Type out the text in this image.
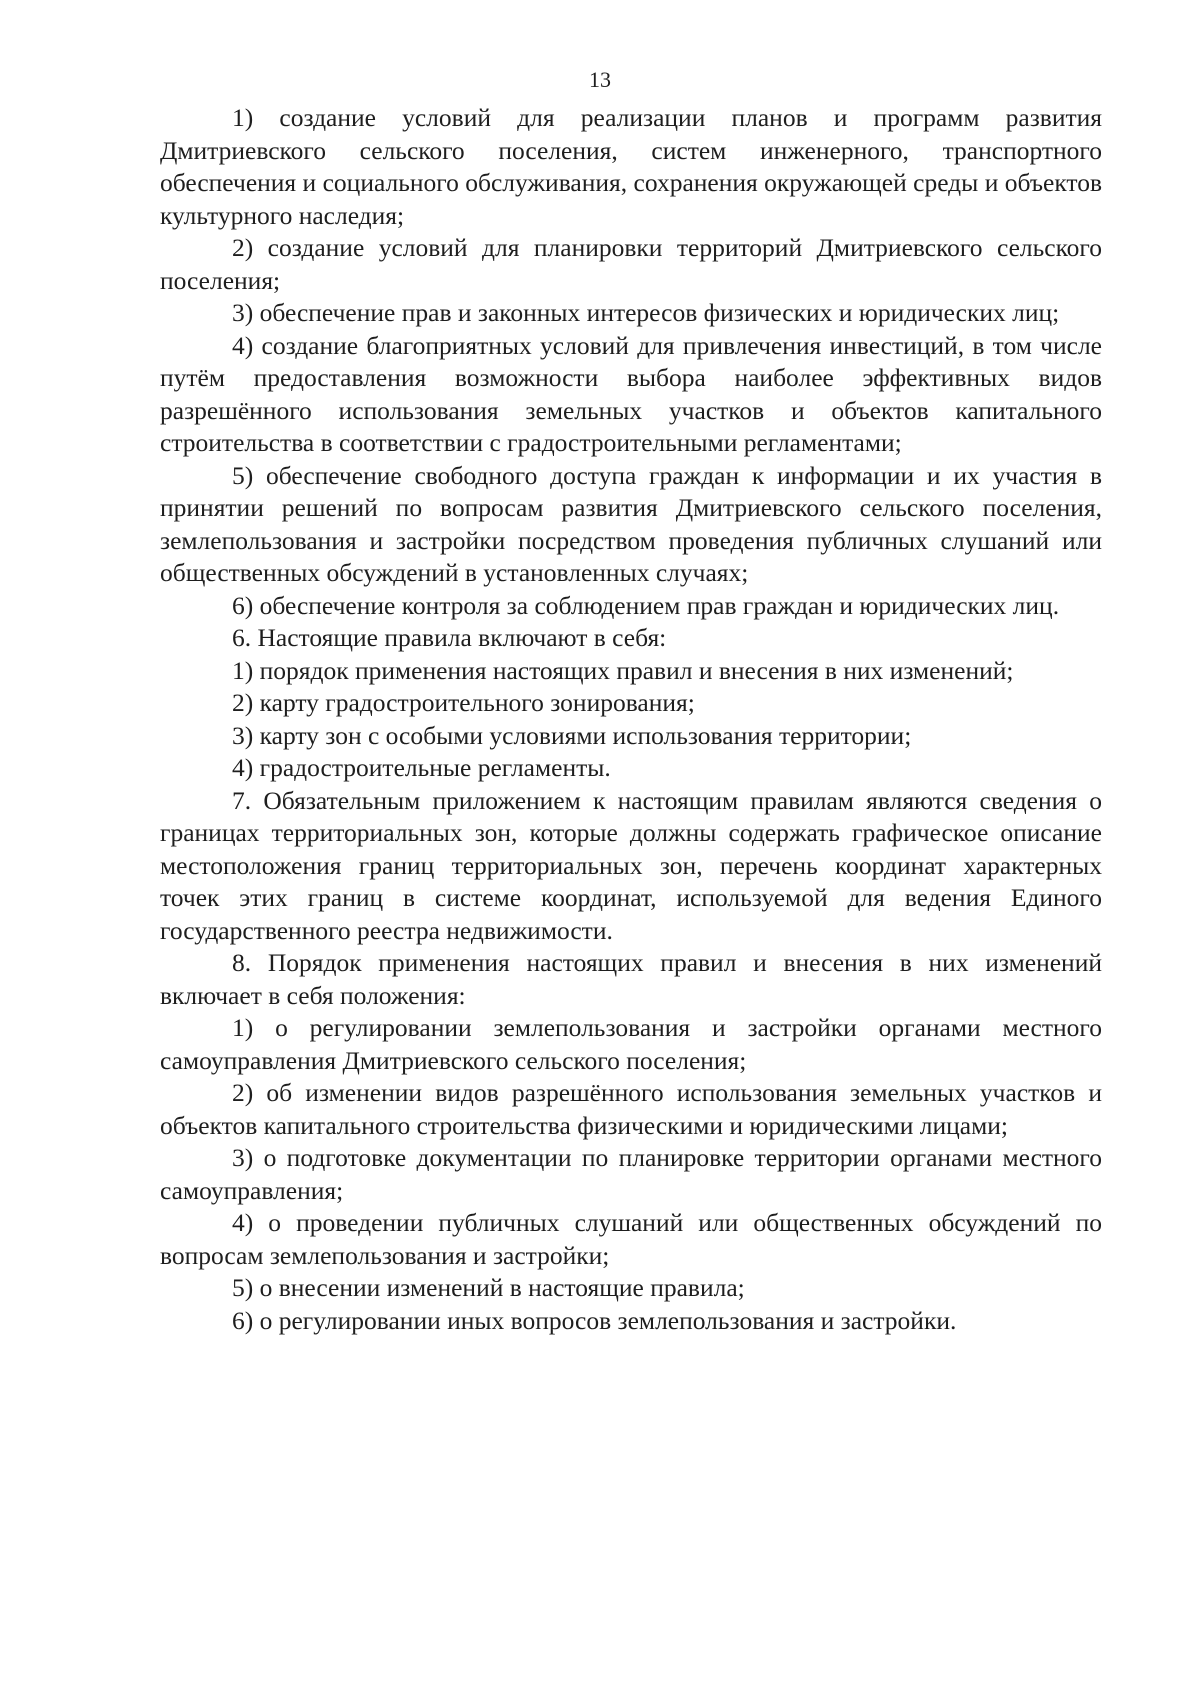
13

1) создание условий для реализации планов и программ развития Дмитриевского сельского поселения, систем инженерного, транспортного обеспечения и социального обслуживания, сохранения окружающей среды и объектов культурного наследия;

2) создание условий для планировки территорий Дмитриевского сельского поселения;

3) обеспечение прав и законных интересов физических и юридических лиц;

4) создание благоприятных условий для привлечения инвестиций, в том числе путём предоставления возможности выбора наиболее эффективных видов разрешённого использования земельных участков и объектов капитального строительства в соответствии с градостроительными регламентами;

5) обеспечение свободного доступа граждан к информации и их участия в принятии решений по вопросам развития Дмитриевского сельского поселения, землепользования и застройки посредством проведения публичных слушаний или общественных обсуждений в установленных случаях;

6) обеспечение контроля за соблюдением прав граждан и юридических лиц.

6. Настоящие правила включают в себя:

1) порядок применения настоящих правил и внесения в них изменений;

2) карту градостроительного зонирования;

3) карту зон с особыми условиями использования территории;

4) градостроительные регламенты.

7. Обязательным приложением к настоящим правилам являются сведения о границах территориальных зон, которые должны содержать графическое описание местоположения границ территориальных зон, перечень координат характерных точек этих границ в системе координат, используемой для ведения Единого государственного реестра недвижимости.

8. Порядок применения настоящих правил и внесения в них изменений включает в себя положения:

1) о регулировании землепользования и застройки органами местного самоуправления Дмитриевского сельского поселения;

2) об изменении видов разрешённого использования земельных участков и объектов капитального строительства физическими и юридическими лицами;

3) о подготовке документации по планировке территории органами местного самоуправления;

4) о проведении публичных слушаний или общественных обсуждений по вопросам землепользования и застройки;

5) о внесении изменений в настоящие правила;

6) о регулировании иных вопросов землепользования и застройки.
